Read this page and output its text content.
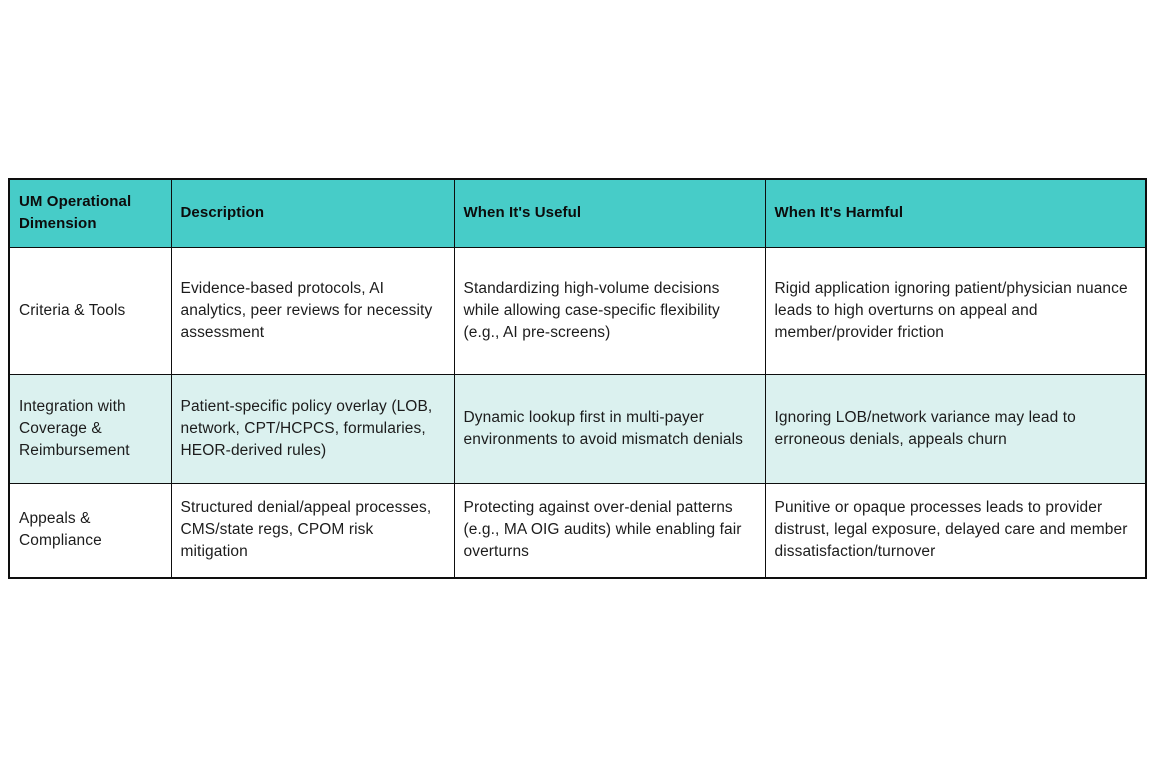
UM Operational Dimension	Description	When It's Useful	When It's Harmful
Criteria & Tools	Evidence-based protocols, AI analytics, peer reviews for necessity assessment	Standardizing high-volume decisions while allowing case-specific flexibility (e.g., AI pre-screens)	Rigid application ignoring patient/physician nuance leads to high overturns on appeal and member/provider friction
Integration with Coverage & Reimbursement	Patient-specific policy overlay (LOB, network, CPT/HCPCS, formularies, HEOR-derived rules)	Dynamic lookup first in multi-payer environments to avoid mismatch denials	Ignoring LOB/network variance may lead to erroneous denials, appeals churn
Appeals & Compliance	Structured denial/appeal processes, CMS/state regs, CPOM risk mitigation	Protecting against over-denial patterns (e.g., MA OIG audits) while enabling fair overturns	Punitive or opaque processes leads to provider distrust, legal exposure, delayed care and member dissatisfaction/turnover
